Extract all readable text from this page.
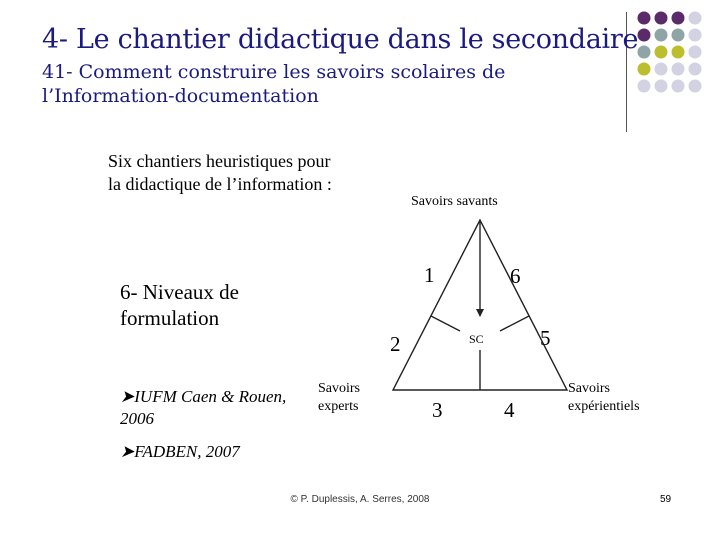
4- Le chantier didactique dans le secondaire
41- Comment construire les savoirs scolaires de l’Information-documentation
Six chantiers heuristiques pour la didactique de l’information :
6- Niveaux de formulation
➤IUFM Caen & Rouen, 2006
➤FADBEN, 2007
Savoirs savants
Savoirs
experts
Savoirs
expérientiels
SC
1	6
2	5
3	4
© P. Duplessis, A. Serres, 2008	59
